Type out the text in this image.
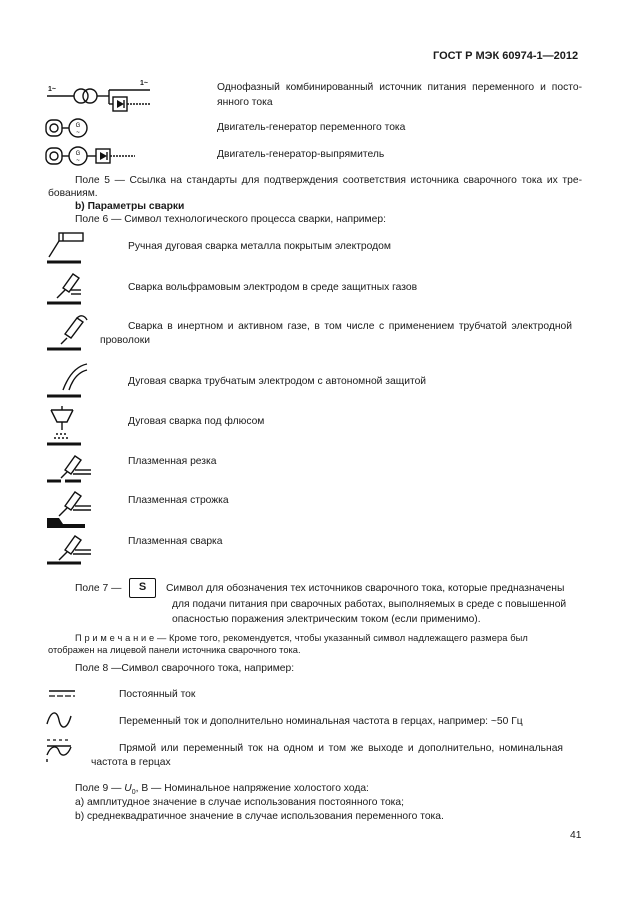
ГОСТ Р МЭК 60974-1—2012
1~
1~	Однофазный комбинированный источник питания переменного и посто-
янного тока
G
~	Двигатель-генератор переменного тока
G
~
Двигатель-генератор-выпрямитель
Поле 5 — Ссылка на стандарты для подтверждения соответствия источника сварочного тока их тре-
бованиям.
b) Параметры сварки
Поле 6 — Символ технологического процесса сварки, например:
Ручная дуговая сварка металла покрытым электродом
Сварка вольфрамовым электродом в среде защитных газов
Сварка в инертном и активном газе, в том числе с применением трубчатой электродной
проволоки
Дуговая сварка трубчатым электродом с автономной защитой
Дуговая сварка под флюсом
Плазменная резка
Плазменная строжка
Плазменная сварка
Поле 7 —	S	Символ для обозначения тех источников сварочного тока, которые предназначены
для подачи питания при сварочных работах, выполняемых в среде с повышенной
опасностью поражения электрическим током (если применимо).
П р и м е ч а н и е — Кроме того, рекомендуется, чтобы указанный символ надлежащего размера был
отображен на лицевой панели источника сварочного тока.
Поле 8 —Символ сварочного тока, например:
Постоянный ток
Переменный ток и дополнительно номинальная частота в герцах, например: ~50 Гц
Прямой или переменный ток на одном и том же выходе и дополнительно, номинальная
частота в герцах
Поле 9 — $U_0$, В — Номинальное напряжение холостого хода:
а) амплитудное значение в случае использования постоянного тока;
b) среднеквадратичное значение в случае использования переменного тока.
41
